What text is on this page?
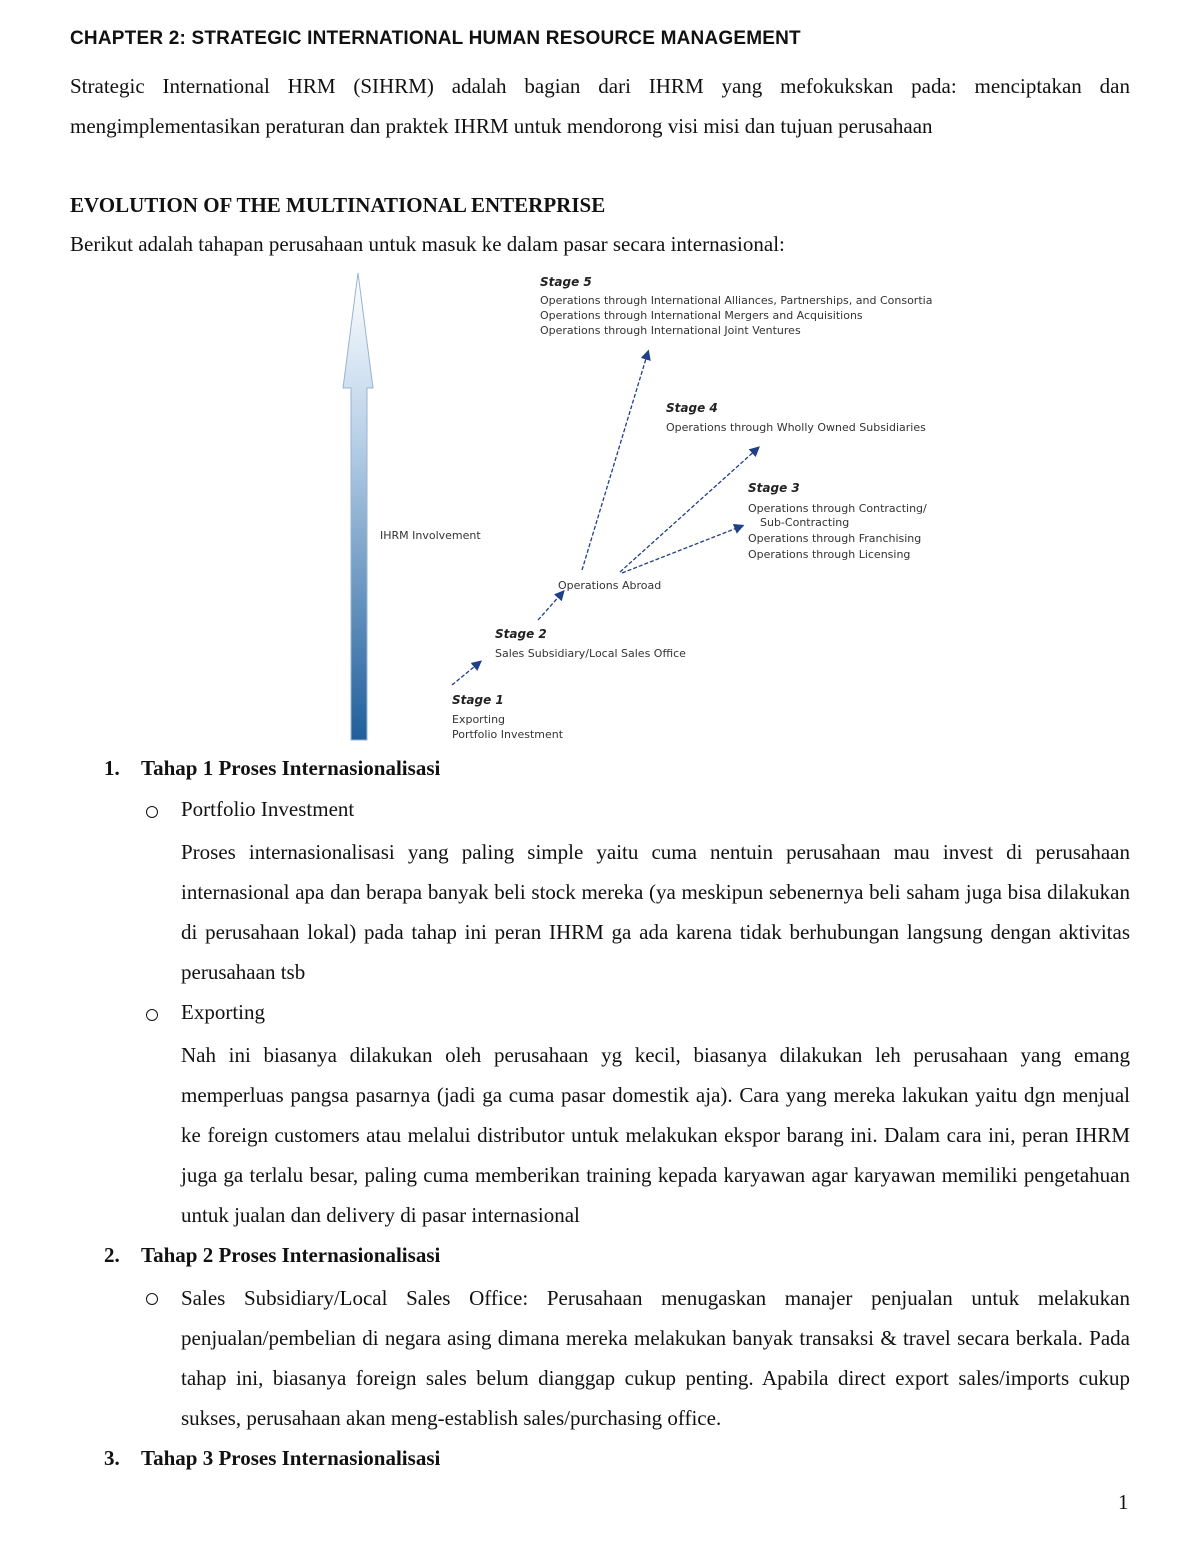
CHAPTER 2: STRATEGIC INTERNATIONAL HUMAN RESOURCE MANAGEMENT
Strategic International HRM (SIHRM) adalah bagian dari IHRM yang mefokukskan pada: menciptakan dan mengimplementasikan peraturan dan praktek IHRM untuk mendorong visi misi dan tujuan perusahaan
EVOLUTION OF THE MULTINATIONAL ENTERPRISE
Berikut adalah tahapan perusahaan untuk masuk ke dalam pasar secara internasional:
IHRM Involvement
Stage 5
Operations through International Alliances, Partnerships, and Consortia
Operations through International Mergers and Acquisitions
Operations through International Joint Ventures
Stage 4
Operations through Wholly Owned Subsidiaries
Stage 3
Operations through Contracting/
Sub-Contracting
Operations through Franchising
Operations through Licensing
Operations Abroad
Stage 2
Sales Subsidiary/Local Sales Office
Stage 1
Exporting
Portfolio Investment
1. Tahap 1 Proses Internasionalisasi
Portfolio Investment
Proses internasionalisasi yang paling simple yaitu cuma nentuin perusahaan mau invest di perusahaan internasional apa dan berapa banyak beli stock mereka (ya meskipun sebenernya beli saham juga bisa dilakukan di perusahaan lokal) pada tahap ini peran IHRM ga ada karena tidak berhubungan langsung dengan aktivitas perusahaan tsb
Exporting
Nah ini biasanya dilakukan oleh perusahaan yg kecil, biasanya dilakukan leh perusahaan yang emang memperluas pangsa pasarnya (jadi ga cuma pasar domestik aja). Cara yang mereka lakukan yaitu dgn menjual ke foreign customers atau melalui distributor untuk melakukan ekspor barang ini. Dalam cara ini, peran IHRM juga ga terlalu besar, paling cuma memberikan training kepada karyawan agar karyawan memiliki pengetahuan untuk jualan dan delivery di pasar internasional
2. Tahap 2 Proses Internasionalisasi
Sales Subsidiary/Local Sales Office: Perusahaan menugaskan manajer penjualan untuk melakukan penjualan/pembelian di negara asing dimana mereka melakukan banyak transaksi & travel secara berkala. Pada tahap ini, biasanya foreign sales belum dianggap cukup penting. Apabila direct export sales/imports cukup sukses, perusahaan akan meng-establish sales/purchasing office.
3. Tahap 3 Proses Internasionalisasi
1
